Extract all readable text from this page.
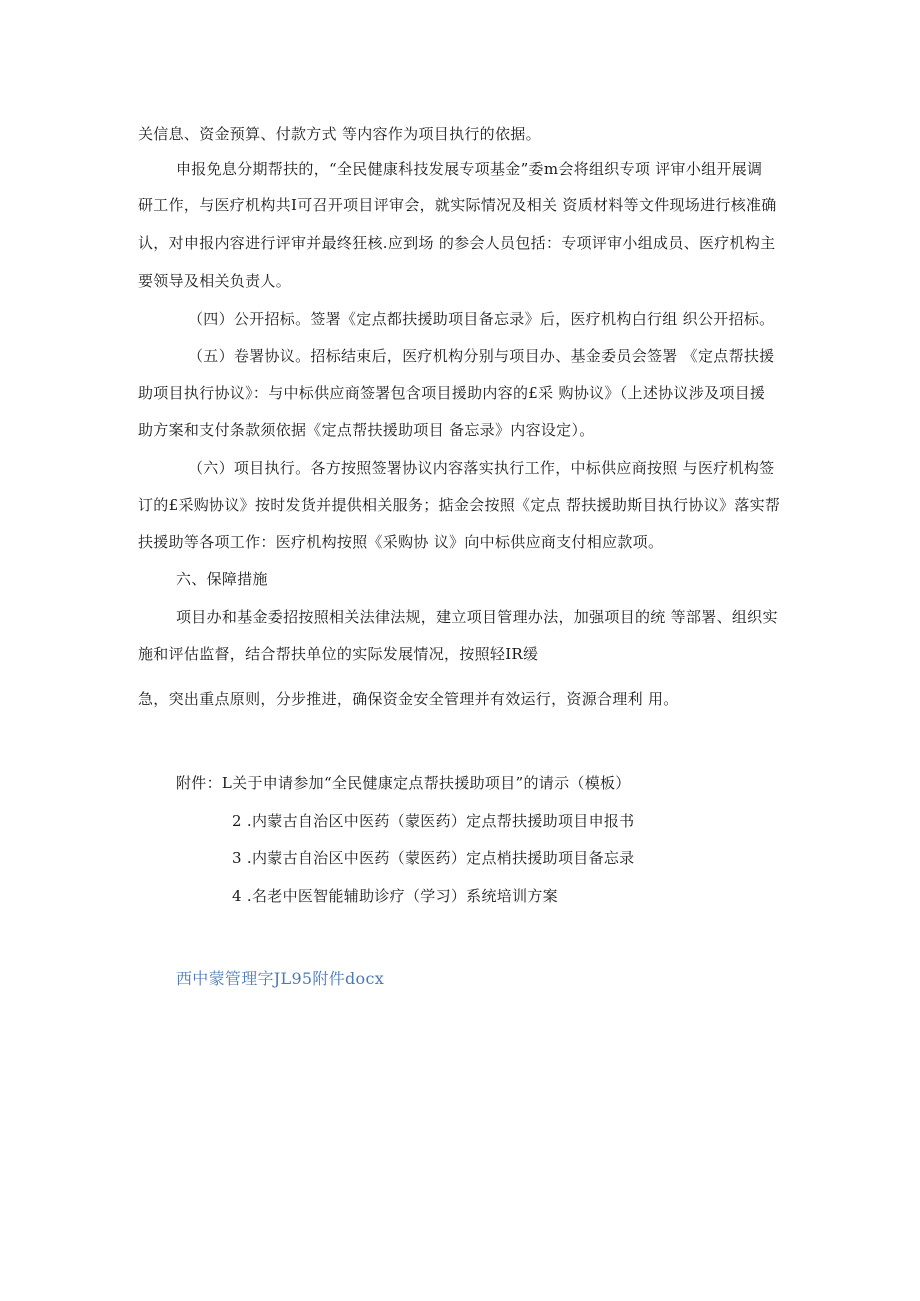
关信息、资金预算、付款方式 等内容作为项目执行的依据。
申报免息分期帮扶的，“全民健康科技发展专项基金”委m会将组织专项 评审小组开展调
研工作，与医疗机构共I可召开项目评审会，就实际情况及相关 资质材料等文件现场进行核准确
认，对申报内容进行评审并最终狂核.应到场 的参会人员包括：专项评审小组成员、医疗机构主
要领导及相关负责人。
（四）公开招标。签署《定点都扶援助项目备忘录》后，医疗机构白行组 织公开招标。
（五）卷署协议。招标结束后，医疗机构分别与项目办、基金委员会签署 《定点帮扶援
助项目执行协议》：与中标供应商签署包含项目援助内容的£采 购协议》（上述协议涉及项目援
助方案和支付条款须依据《定点帮扶援助项目 备忘录》内容设定）。
（六）项目执行。各方按照签署协议内容落实执行工作，中标供应商按照 与医疗机构签
订的£采购协议》按时发货并提供相关服务；掂金会按照《定点 帮扶援助斯目执行协议》落实帮
扶援助等各项工作：医疗机构按照《采购协 议》向中标供应商支付相应款项。
六、保障措施
项目办和基金委招按照相关法律法规，建立项目管理办法，加强项目的统 等部署、组织实
施和评估监督，结合帮扶单位的实际发展情况，按照轻IR缓
急，突出重点原则，分步推进，确保资金安全管理并有效运行，资源合理利 用。
附件：L关于申请参加“全民健康定点帮扶援助项目”的请示（模板）
2 .内蒙古自治区中医药（蒙医药）定点帮扶援助项目申报书
3 .内蒙古自治区中医药（蒙医药）定点梢扶援助项目备忘录
4 .名老中医智能辅助诊疗（学习）系统培训方案
西中蒙管理字JL95附件docx
